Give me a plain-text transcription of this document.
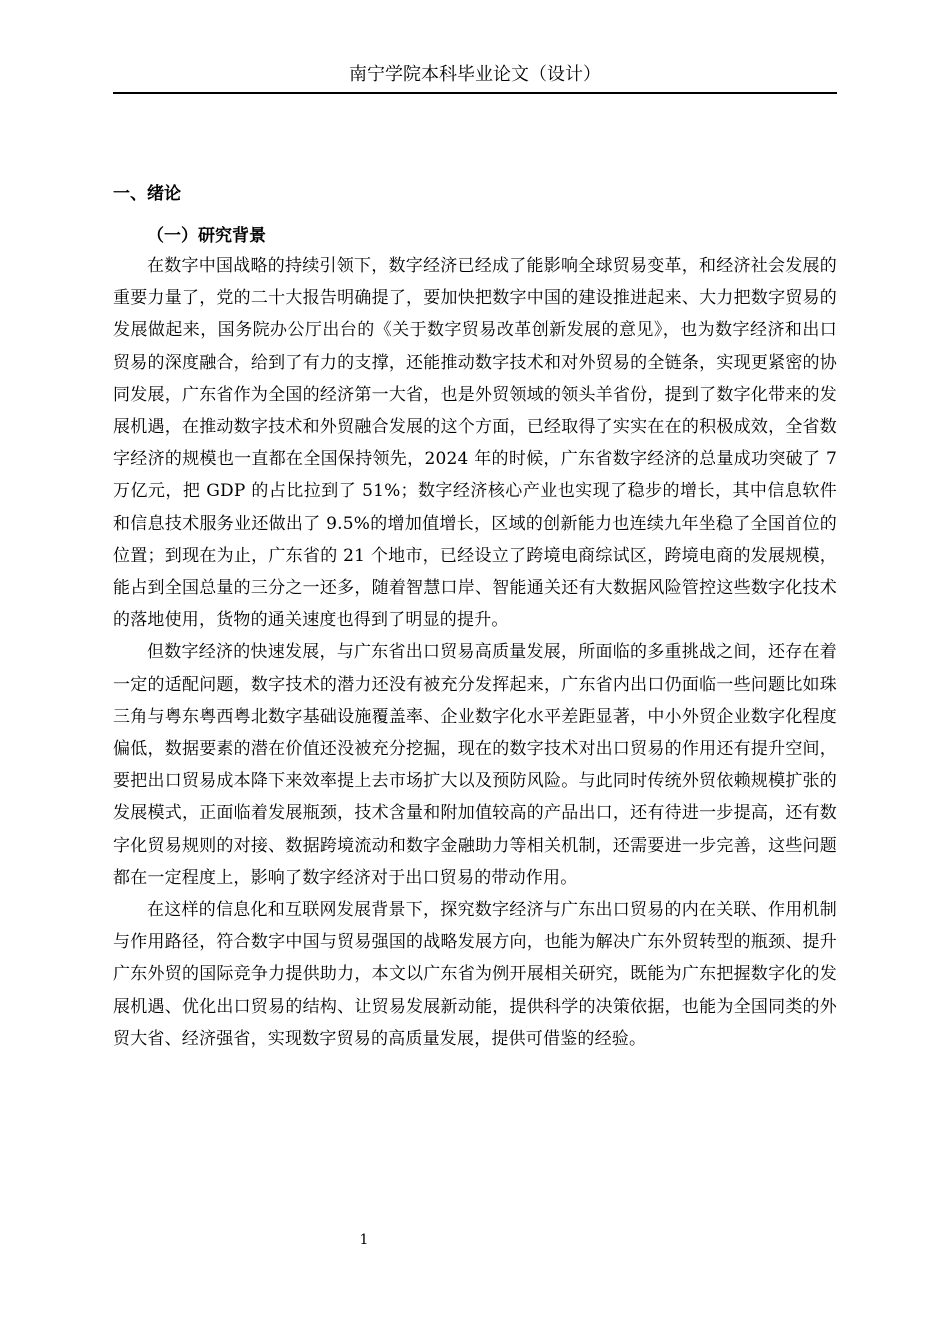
南宁学院本科毕业论文（设计）
一、绪论
（一）研究背景

在数字中国战略的持续引领下，数字经济已经成了能影响全球贸易变革，和经济社会发展的重要力量了，党的二十大报告明确提了，要加快把数字中国的建设推进起来、大力把数字贸易的发展做起来，国务院办公厅出台的《关于数字贸易改革创新发展的意见》，也为数字经济和出口贸易的深度融合，给到了有力的支撑，还能推动数字技术和对外贸易的全链条，实现更紧密的协同发展，广东省作为全国的经济第一大省，也是外贸领域的领头羊省份，提到了数字化带来的发展机遇，在推动数字技术和外贸融合发展的这个方面，已经取得了实实在在的积极成效，全省数字经济的规模也一直都在全国保持领先，2024 年的时候，广东省数字经济的总量成功突破了 7 万亿元，把 GDP 的占比拉到了 51%；数字经济核心产业也实现了稳步的增长，其中信息软件和信息技术服务业还做出了 9.5%的增加值增长，区域的创新能力也连续九年坐稳了全国首位的位置；到现在为止，广东省的 21 个地市，已经设立了跨境电商综试区，跨境电商的发展规模，能占到全国总量的三分之一还多，随着智慧口岸、智能通关还有大数据风险管控这些数字化技术的落地使用，货物的通关速度也得到了明显的提升。

但数字经济的快速发展，与广东省出口贸易高质量发展，所面临的多重挑战之间，还存在着一定的适配问题，数字技术的潜力还没有被充分发挥起来，广东省内出口仍面临一些问题比如珠三角与粤东粤西粤北数字基础设施覆盖率、企业数字化水平差距显著，中小外贸企业数字化程度偏低，数据要素的潜在价值还没被充分挖掘，现在的数字技术对出口贸易的作用还有提升空间，要把出口贸易成本降下来效率提上去市场扩大以及预防风险。与此同时传统外贸依赖规模扩张的发展模式，正面临着发展瓶颈，技术含量和附加值较高的产品出口，还有待进一步提高，还有数字化贸易规则的对接、数据跨境流动和数字金融助力等相关机制，还需要进一步完善，这些问题都在一定程度上，影响了数字经济对于出口贸易的带动作用。

在这样的信息化和互联网发展背景下，探究数字经济与广东出口贸易的内在关联、作用机制与作用路径，符合数字中国与贸易强国的战略发展方向，也能为解决广东外贸转型的瓶颈、提升广东外贸的国际竞争力提供助力，本文以广东省为例开展相关研究，既能为广东把握数字化的发展机遇、优化出口贸易的结构、让贸易发展新动能，提供科学的决策依据，也能为全国同类的外贸大省、经济强省，实现数字贸易的高质量发展，提供可借鉴的经验。

1
